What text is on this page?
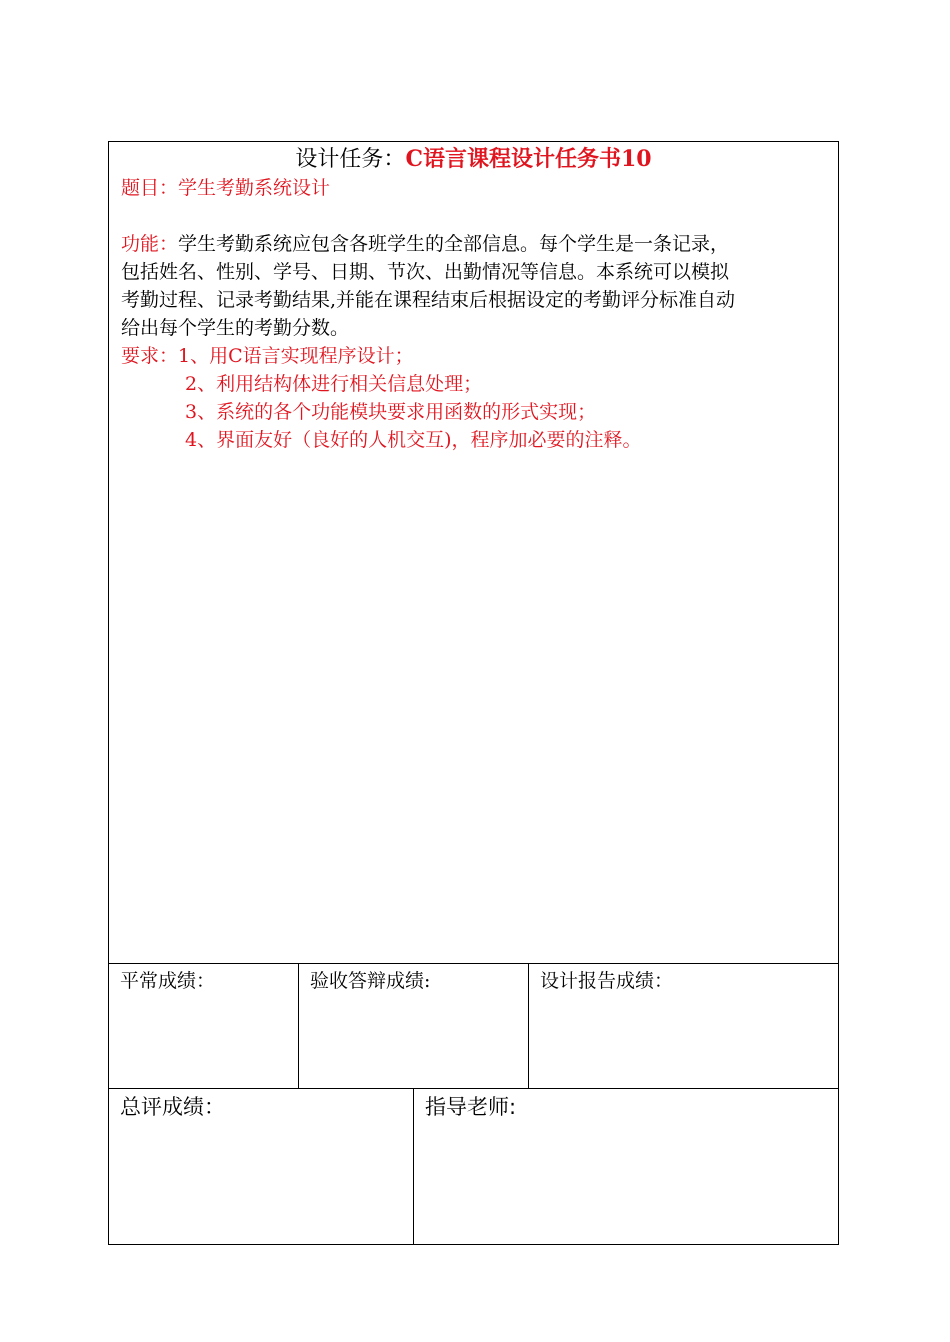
设计任务：C语言课程设计任务书10
题目：学生考勤系统设计
功能：学生考勤系统应包含各班学生的全部信息。每个学生是一条记录，
包括姓名、性别、学号、日期、节次、出勤情况等信息。本系统可以模拟
考勤过程、记录考勤结果,并能在课程结束后根据设定的考勤评分标准自动
给出每个学生的考勤分数。
要求：1、用C语言实现程序设计；
2、利用结构体进行相关信息处理；
3、系统的各个功能模块要求用函数的形式实现；
4、界面友好（良好的人机交互)，程序加必要的注释。
平常成绩：	验收答辩成绩:	设计报告成绩：
总评成绩：	指导老师:
